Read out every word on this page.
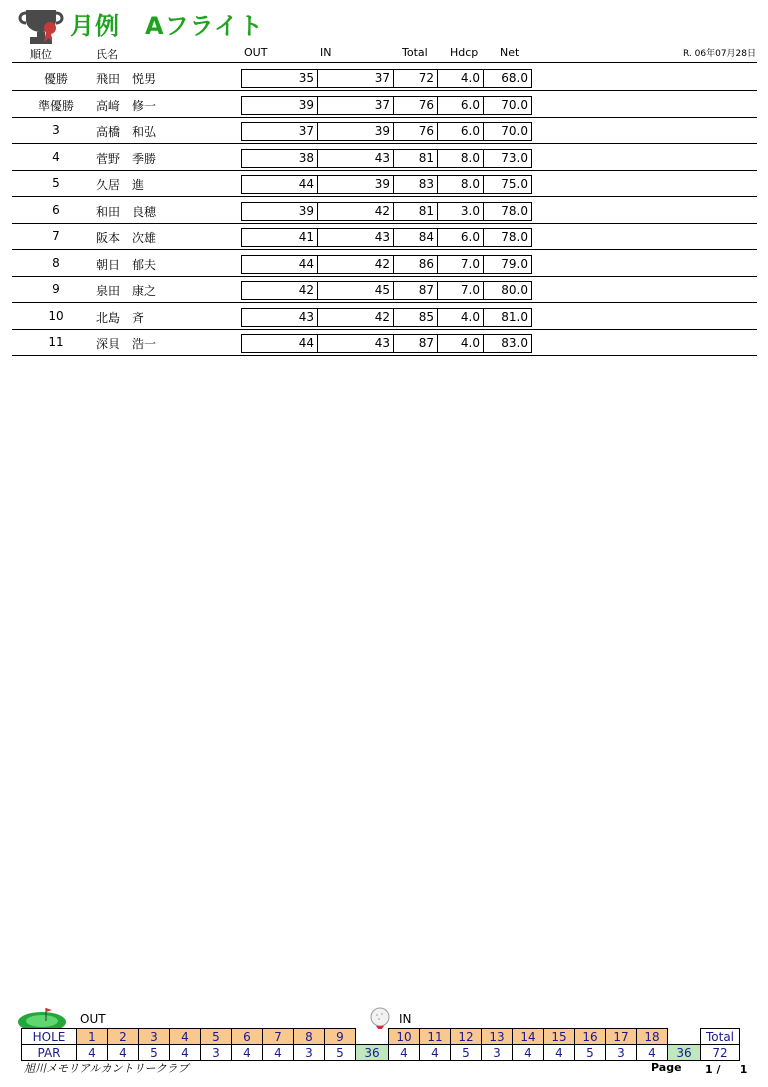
月例　Aフライト
順位	氏名	OUT	IN	Total Hdcp Net	R. 06年07月28日
優勝	飛田　悦男	35	37	72	4.0	68.0
準優勝	高﨑　修一	39	37	76	6.0	70.0
3	高橋　和弘	37	39	76	6.0	70.0
4	菅野　季勝	38	43	81	8.0	73.0
5	久居　進	44	39	83	8.0	75.0
6	和田　良穂	39	42	81	3.0	78.0
7	阪本　次雄	41	43	84	6.0	78.0
8	朝日　郁夫	44	42	86	7.0	79.0
9	泉田　康之	42	45	87	7.0	80.0
10	北島　斉	43	42	85	4.0	81.0
11	深貝　浩一	44	43	87	4.0	83.0
OUT	IN
HOLE	1	2	3	4	5	6	7	8	9		10	11	12	13	14	15	16	17	18		Total
PAR	4	4	5	4	3	4	4	3	5	36	4	4	5	3	4	4	5	3	4	36	72
旭川メモリアルカントリークラブ	Page 1 / 1
